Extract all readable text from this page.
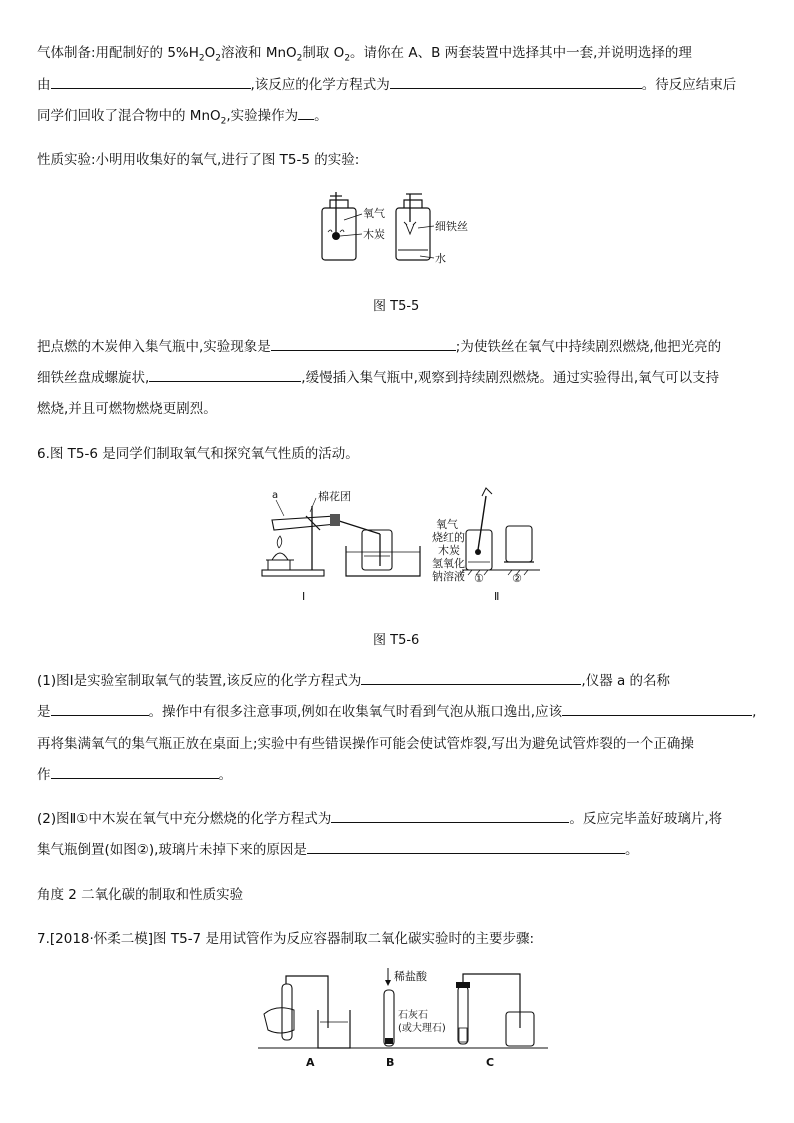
气体制备:用配制好的 $5\%H_2O_2$溶液和 MnO$_2$制取 $O_2$。请你在 A、B 两套装置中选择其中一套,并说明选择的理

由	,该反应的化学方程式为	。待反应结束后

同学们回收了混合物中的 MnO$_2$,实验操作为 。

性质实验:小明用收集好的氧气,进行了图 T5-5 的实验:

氧气
木炭
细铁丝
水
图 T5-5

把点燃的木炭伸入集气瓶中,实验现象是	;为使铁丝在氧气中持续剧烈燃烧,他把光亮的

细铁丝盘成螺旋状,	,缓慢插入集气瓶中,观察到持续剧烈燃烧。通过实验得出,氧气可以支持

燃烧,并且可燃物燃烧更剧烈。

6.图 T5-6 是同学们制取氧气和探究氧气性质的活动。

a	棉花团
Ⅰ
氧气
烧红的
木炭
氢氧化
钠溶液 ①	②
Ⅱ
图 T5-6

(1)图Ⅰ是实验室制取氧气的装置,该反应的化学方程式为	,仪器 a 的名称

是	。操作中有很多注意事项,例如在收集氧气时看到气泡从瓶口逸出,应该	,

再将集满氧气的集气瓶正放在桌面上;实验中有些错误操作可能会使试管炸裂,写出为避免试管炸裂的一个正确操

作	。

(2)图Ⅱ①中木炭在氧气中充分燃烧的化学方程式为	。反应完毕盖好玻璃片,将

集气瓶倒置(如图②),玻璃片未掉下来的原因是	。

角度 2 二氧化碳的制取和性质实验

7.[2018·怀柔二模]图 T5-7 是用试管作为反应容器制取二氧化碳实验时的主要步骤:

A
稀盐酸
石灰石
(或大理石)
B	C
